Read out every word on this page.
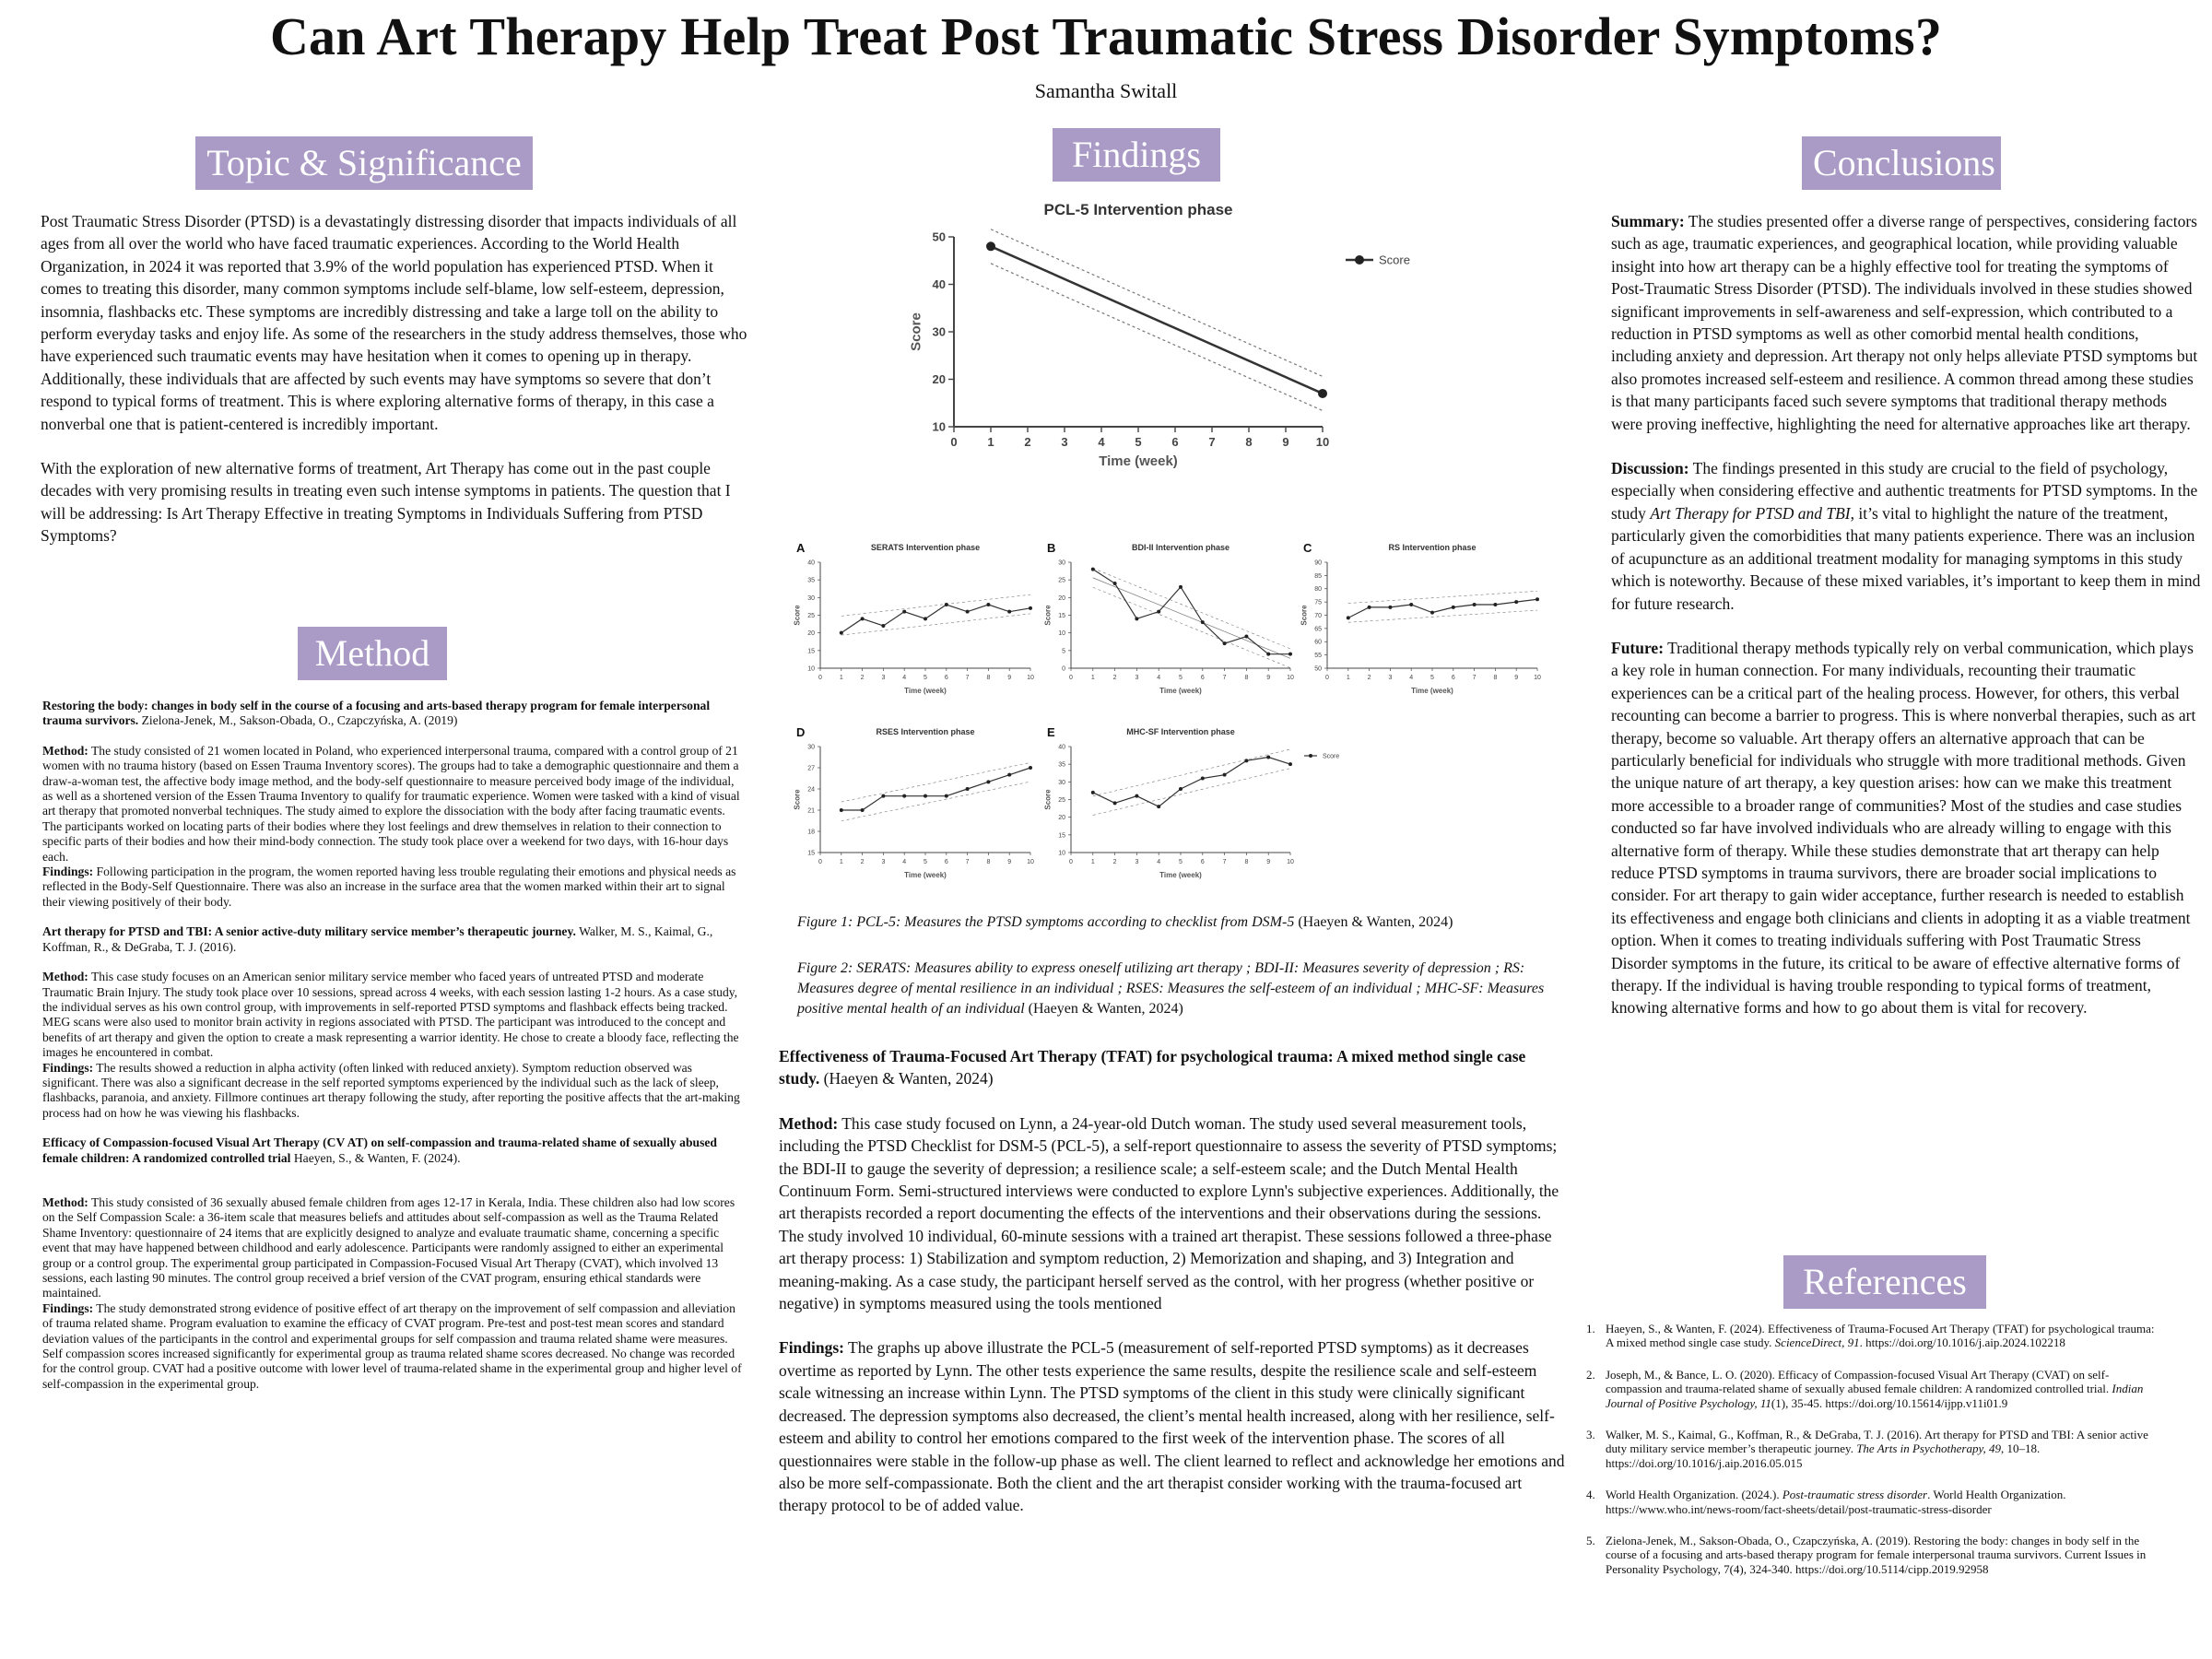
Can Art Therapy Help Treat Post Traumatic Stress Disorder Symptoms?
Samantha Switall
Topic & Significance	Findings	Conclusions
Method
References

Post Traumatic Stress Disorder (PTSD) is a devastatingly distressing disorder that impacts individuals of all ages from all over the world who have faced traumatic experiences. According to the World Health Organization, in 2024 it was reported that 3.9% of the world population has experienced PTSD. When it comes to treating this disorder, many common symptoms include self-blame, low self-esteem, depression, insomnia, flashbacks etc. These symptoms are incredibly distressing and take a large toll on the ability to perform everyday tasks and enjoy life. As some of the researchers in the study address themselves, those who have experienced such traumatic events may have hesitation when it comes to opening up in therapy. Additionally, these individuals that are affected by such events may have symptoms so severe that don’t respond to typical forms of treatment. This is where exploring alternative forms of therapy, in this case a nonverbal one that is patient-centered is incredibly important.

With the exploration of new alternative forms of treatment, Art Therapy has come out in the past couple decades with very promising results in treating even such intense symptoms in patients. The question that I will be addressing: Is Art Therapy Effective in treating Symptoms in Individuals Suffering from PTSD Symptoms?

Restoring the body: changes in body self in the course of a focusing and arts-based therapy program for female interpersonal trauma survivors. Zielona-Jenek, M., Sakson-Obada, O., Czapczyńska, A. (2019)

Method: The study consisted of 21 women located in Poland, who experienced interpersonal trauma, compared with a control group of 21 women with no trauma history (based on Essen Trauma Inventory scores). The groups had to take a demographic questionnaire and them a draw-a-woman test, the affective body image method, and the body-self questionnaire to measure perceived body image of the individual, as well as a shortened version of the Essen Trauma Inventory to qualify for traumatic experience. Women were tasked with a kind of visual art therapy that promoted nonverbal techniques. The study aimed to explore the dissociation with the body after facing traumatic events. The participants worked on locating parts of their bodies where they lost feelings and drew themselves in relation to their connection to specific parts of their bodies and how their mind-body connection. The study took place over a weekend for two days, with 16-hour days each.

Findings: Following participation in the program, the women reported having less trouble regulating their emotions and physical needs as reflected in the Body-Self Questionnaire. There was also an increase in the surface area that the women marked within their art to signal their viewing positively of their body.

Art therapy for PTSD and TBI: A senior active-duty military service member’s therapeutic journey. Walker, M. S., Kaimal, G., Koffman, R., & DeGraba, T. J. (2016).

Method: This case study focuses on an American senior military service member who faced years of untreated PTSD and moderate Traumatic Brain Injury. The study took place over 10 sessions, spread across 4 weeks, with each session lasting 1-2 hours. As a case study, the individual serves as his own control group, with improvements in self-reported PTSD symptoms and flashback effects being tracked. MEG scans were also used to monitor brain activity in regions associated with PTSD. The participant was introduced to the concept and benefits of art therapy and given the option to create a mask representing a warrior identity. He chose to create a bloody face, reflecting the images he encountered in combat.

Findings: The results showed a reduction in alpha activity (often linked with reduced anxiety). Symptom reduction observed was significant. There was also a significant decrease in the self reported symptoms experienced by the individual such as the lack of sleep, flashbacks, paranoia, and anxiety. Fillmore continues art therapy following the study, after reporting the positive affects that the art-making process had on how he was viewing his flashbacks.

Efficacy of Compassion-focused Visual Art Therapy (CV AT) on self-compassion and trauma-related shame of sexually abused female children: A randomized controlled trial Haeyen, S., & Wanten, F. (2024).

Method: This study consisted of 36 sexually abused female children from ages 12-17 in Kerala, India. These children also had low scores on the Self Compassion Scale: a 36-item scale that measures beliefs and attitudes about self-compassion as well as the Trauma Related Shame Inventory: questionnaire of 24 items that are explicitly designed to analyze and evaluate traumatic shame, concerning a specific event that may have happened between childhood and early adolescence. Participants were randomly assigned to either an experimental group or a control group. The experimental group participated in Compassion-Focused Visual Art Therapy (CVAT), which involved 13 sessions, each lasting 90 minutes. The control group received a brief version of the CVAT program, ensuring ethical standards were maintained.

Findings: The study demonstrated strong evidence of positive effect of art therapy on the improvement of self compassion and alleviation of trauma related shame. Program evaluation to examine the efficacy of CVAT program. Pre-test and post-test mean scores and standard deviation values of the participants in the control and experimental groups for self compassion and trauma related shame were measures. Self compassion scores increased significantly for experimental group as trauma related shame scores decreased. No change was recorded for the control group. CVAT had a positive outcome with lower level of trauma-related shame in the experimental group and higher level of self-compassion in the experimental group.

PCL-5 Intervention phase
0	1	2	3	4	5	6	7	8	9 10
10
20
30
40
50
Time (week)
Score
Score
SERATS Intervention phase
A
0	1	2	3	4	5	6	7	8	9 10
10
15
20
25
30
35
40
Time (week)
Score
BDI-II Intervention phase
B
0	1	2	3	4	5	6	7	8	9	10
0
5
10
15
20
25
30
Time (week)
Score
RS Intervention phase
C
0	1	2	3	4	5	6	7	8	9 10
50
55
60
65
70
75
80
85
90
Time (week)
Score
RSES Intervention phase
D
0	1	2	3	4	5	6	7	8	9 10
15
18
21
24
27
30
Time (week)
Score
MHC-SF Intervention phase
E
0	1	2	3	4	5	6	7	8	9	10
10
15
20
25
30
35
40
Time (week)
Score
Score
Figure 1: PCL-5: Measures the PTSD symptoms according to checklist from DSM-5 (Haeyen & Wanten, 2024)
Figure 2: SERATS: Measures ability to express oneself utilizing art therapy ; BDI-II: Measures severity of depression ; RS: Measures degree of mental resilience in an individual ; RSES: Measures the self-esteem of an individual ; MHC-SF: Measures positive mental health of an individual (Haeyen & Wanten, 2024)

Effectiveness of Trauma-Focused Art Therapy (TFAT) for psychological trauma: A mixed method single case study. (Haeyen & Wanten, 2024)

Method: This case study focused on Lynn, a 24-year-old Dutch woman. The study used several measurement tools, including the PTSD Checklist for DSM-5 (PCL-5), a self-report questionnaire to assess the severity of PTSD symptoms; the BDI-II to gauge the severity of depression; a resilience scale; a self-esteem scale; and the Dutch Mental Health Continuum Form. Semi-structured interviews were conducted to explore Lynn's subjective experiences. Additionally, the art therapists recorded a report documenting the effects of the interventions and their observations during the sessions. The study involved 10 individual, 60-minute sessions with a trained art therapist. These sessions followed a three-phase art therapy process: 1) Stabilization and symptom reduction, 2) Memorization and shaping, and 3) Integration and meaning-making. As a case study, the participant herself served as the control, with her progress (whether positive or negative) in symptoms measured using the tools mentioned

Findings: The graphs up above illustrate the PCL-5 (measurement of self-reported PTSD symptoms) as it decreases overtime as reported by Lynn. The other tests experience the same results, despite the resilience scale and self-esteem scale witnessing an increase within Lynn. The PTSD symptoms of the client in this study were clinically significant decreased. The depression symptoms also decreased, the client’s mental health increased, along with her resilience, self-esteem and ability to control her emotions compared to the first week of the intervention phase. The scores of all questionnaires were stable in the follow-up phase as well. The client learned to reflect and acknowledge her emotions and also be more self-compassionate. Both the client and the art therapist consider working with the trauma-focused art therapy protocol to be of added value.

Summary: The studies presented offer a diverse range of perspectives, considering factors such as age, traumatic experiences, and geographical location, while providing valuable insight into how art therapy can be a highly effective tool for treating the symptoms of Post-Traumatic Stress Disorder (PTSD). The individuals involved in these studies showed significant improvements in self-awareness and self-expression, which contributed to a reduction in PTSD symptoms as well as other comorbid mental health conditions, including anxiety and depression. Art therapy not only helps alleviate PTSD symptoms but also promotes increased self-esteem and resilience. A common thread among these studies is that many participants faced such severe symptoms that traditional therapy methods were proving ineffective, highlighting the need for alternative approaches like art therapy.

Discussion: The findings presented in this study are crucial to the field of psychology, especially when considering effective and authentic treatments for PTSD symptoms. In the study Art Therapy for PTSD and TBI, it’s vital to highlight the nature of the treatment, particularly given the comorbidities that many patients experience. There was an inclusion of acupuncture as an additional treatment modality for managing symptoms in this study which is noteworthy. Because of these mixed variables, it’s important to keep them in mind for future research.

Future: Traditional therapy methods typically rely on verbal communication, which plays a key role in human connection. For many individuals, recounting their traumatic experiences can be a critical part of the healing process. However, for others, this verbal recounting can become a barrier to progress. This is where nonverbal therapies, such as art therapy, become so valuable. Art therapy offers an alternative approach that can be particularly beneficial for individuals who struggle with more traditional methods. Given the unique nature of art therapy, a key question arises: how can we make this treatment more accessible to a broader range of communities? Most of the studies and case studies conducted so far have involved individuals who are already willing to engage with this alternative form of therapy. While these studies demonstrate that art therapy can help reduce PTSD symptoms in trauma survivors, there are broader social implications to consider. For art therapy to gain wider acceptance, further research is needed to establish its effectiveness and engage both clinicians and clients in adopting it as a viable treatment option. When it comes to treating individuals suffering with Post Traumatic Stress Disorder symptoms in the future, its critical to be aware of effective alternative forms of therapy. If the individual is having trouble responding to typical forms of treatment, knowing alternative forms and how to go about them is vital for recovery.

1. Haeyen, S., & Wanten, F. (2024). Effectiveness of Trauma-Focused Art Therapy (TFAT) for psychological trauma: A mixed method single case study. ScienceDirect, 91. https://doi.org/10.1016/j.aip.2024.102218
2. Joseph, M., & Bance, L. O. (2020). Efficacy of Compassion-focused Visual Art Therapy (CVAT) on self-compassion and trauma-related shame of sexually abused female children: A randomized controlled trial. Indian Journal of Positive Psychology, 11(1), 35-45. https://doi.org/10.15614/ijpp.v11i01.9
3. Walker, M. S., Kaimal, G., Koffman, R., & DeGraba, T. J. (2016). Art therapy for PTSD and TBI: A senior active duty military service member’s therapeutic journey. The Arts in Psychotherapy, 49, 10–18. https://doi.org/10.1016/j.aip.2016.05.015
4. World Health Organization. (2024.). Post-traumatic stress disorder. World Health Organization. https://www.who.int/news-room/fact-sheets/detail/post-traumatic-stress-disorder
5. Zielona-Jenek, M., Sakson-Obada, O., Czapczyńska, A. (2019). Restoring the body: changes in body self in the course of a focusing and arts-based therapy program for female interpersonal trauma survivors. Current Issues in Personality Psychology, 7(4), 324-340. https://doi.org/10.5114/cipp.2019.92958
